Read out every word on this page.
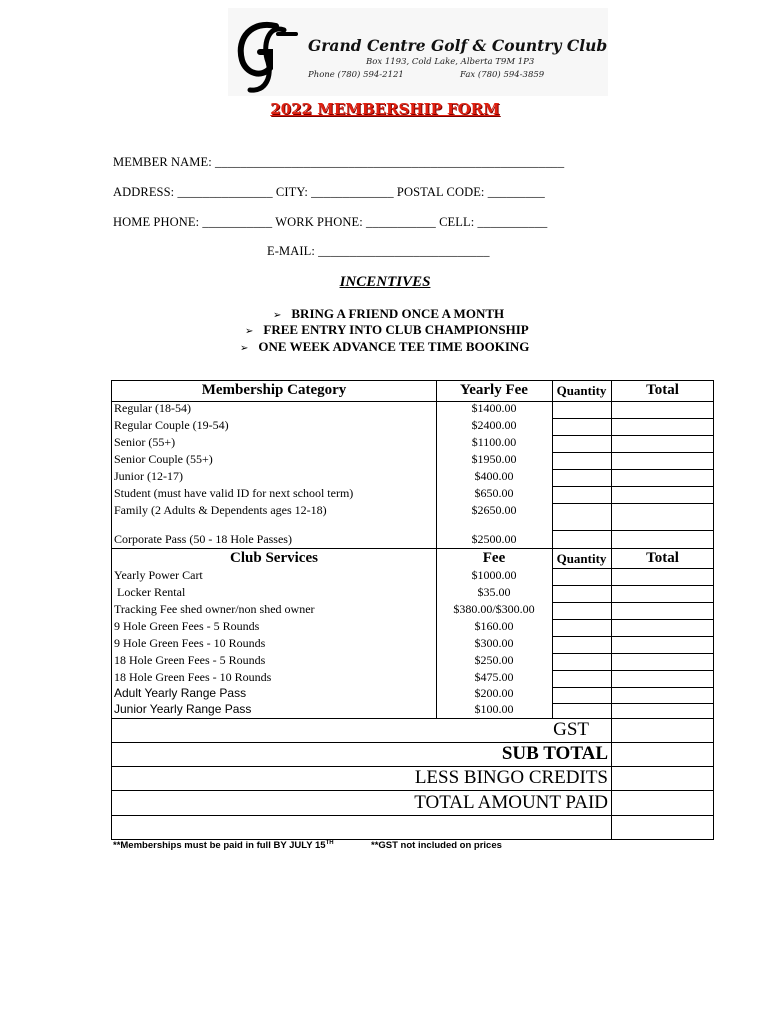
Grand Centre Golf & Country Club
Box 1193, Cold Lake, Alberta T9M 1P3
Phone (780) 594-2121	Fax (780) 594-3859
2022 MEMBERSHIP FORM
MEMBER NAME: _______________________________________________________
ADDRESS: _______________ CITY: _____________ POSTAL CODE: _________
HOME PHONE: ___________ WORK PHONE: ___________ CELL: ___________
E-MAIL: ___________________________
INCENTIVES
➢ BRING A FRIEND ONCE A MONTH
➢ FREE ENTRY INTO CLUB CHAMPIONSHIP
➢ ONE WEEK ADVANCE TEE TIME BOOKING
Membership Category	Yearly Fee	Quantity	Total
Regular (18-54)	$1400.00
Regular Couple (19-54)	$2400.00
Senior (55+)	$1100.00
Senior Couple (55+)	$1950.00
Junior (12-17)	$400.00
Student (must have valid ID for next school term)	$650.00
Family (2 Adults & Dependents ages 12-18)	$2650.00
Corporate Pass (50 - 18 Hole Passes)	$2500.00
Club Services	Fee	Quantity	Total
Yearly Power Cart	$1000.00
Locker Rental	$35.00
Tracking Fee shed owner/non shed owner	$380.00/$300.00
9 Hole Green Fees - 5 Rounds	$160.00
9 Hole Green Fees - 10 Rounds	$300.00
18 Hole Green Fees - 5 Rounds	$250.00
18 Hole Green Fees - 10 Rounds	$475.00
Adult Yearly Range Pass	$200.00
Junior Yearly Range Pass	$100.00
GST
SUB TOTAL
LESS BINGO CREDITS
TOTAL AMOUNT PAID
**Memberships must be paid in full BY JULY 15TH	**GST not included on prices
